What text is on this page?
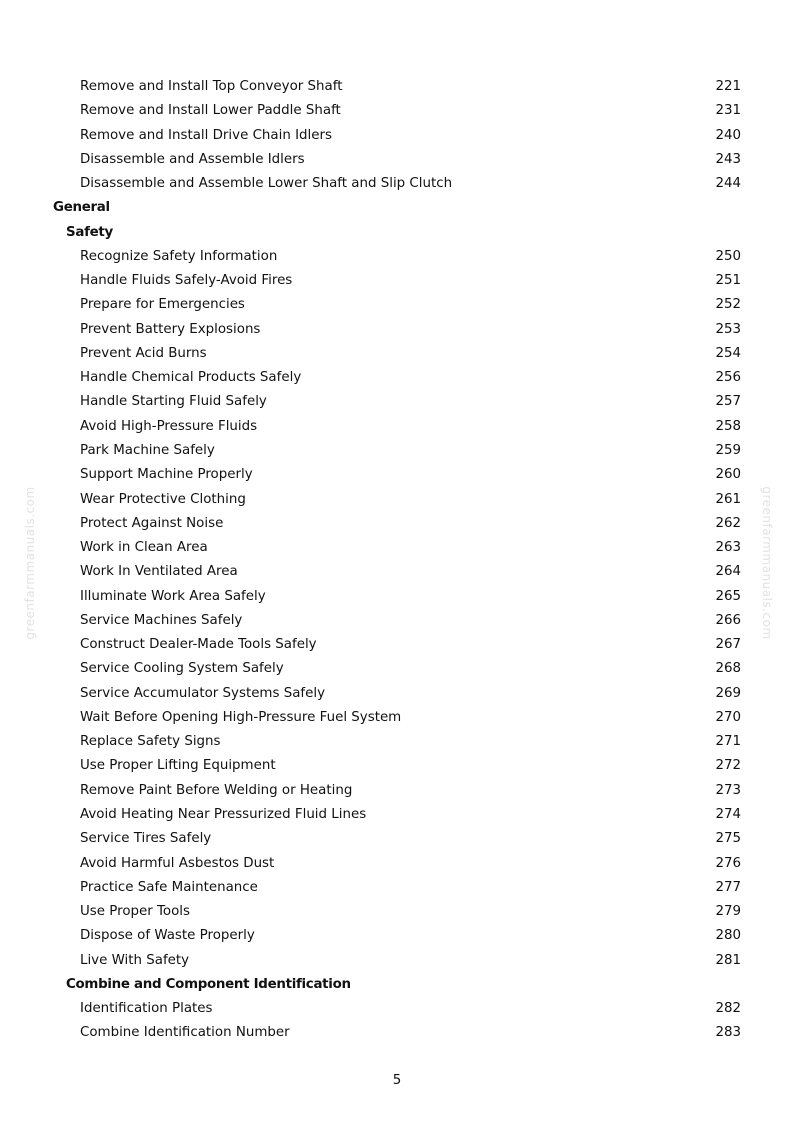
greenfarmmanuals.com	greenfarmmanuals.com
Remove and Install Top Conveyor Shaft	221
Remove and Install Lower Paddle Shaft	231
Remove and Install Drive Chain Idlers	240
Disassemble and Assemble Idlers	243
Disassemble and Assemble Lower Shaft and Slip Clutch	244
General
Safety
Recognize Safety Information	250
Handle Fluids Safely-Avoid Fires	251
Prepare for Emergencies	252
Prevent Battery Explosions	253
Prevent Acid Burns	254
Handle Chemical Products Safely	256
Handle Starting Fluid Safely	257
Avoid High-Pressure Fluids	258
Park Machine Safely	259
Support Machine Properly	260
Wear Protective Clothing	261
Protect Against Noise	262
Work in Clean Area	263
Work In Ventilated Area	264
Illuminate Work Area Safely	265
Service Machines Safely	266
Construct Dealer-Made Tools Safely	267
Service Cooling System Safely	268
Service Accumulator Systems Safely	269
Wait Before Opening High-Pressure Fuel System	270
Replace Safety Signs	271
Use Proper Lifting Equipment	272
Remove Paint Before Welding or Heating	273
Avoid Heating Near Pressurized Fluid Lines	274
Service Tires Safely	275
Avoid Harmful Asbestos Dust	276
Practice Safe Maintenance	277
Use Proper Tools	279
Dispose of Waste Properly	280
Live With Safety	281
Combine and Component Identification
Identification Plates	282
Combine Identification Number	283
5
